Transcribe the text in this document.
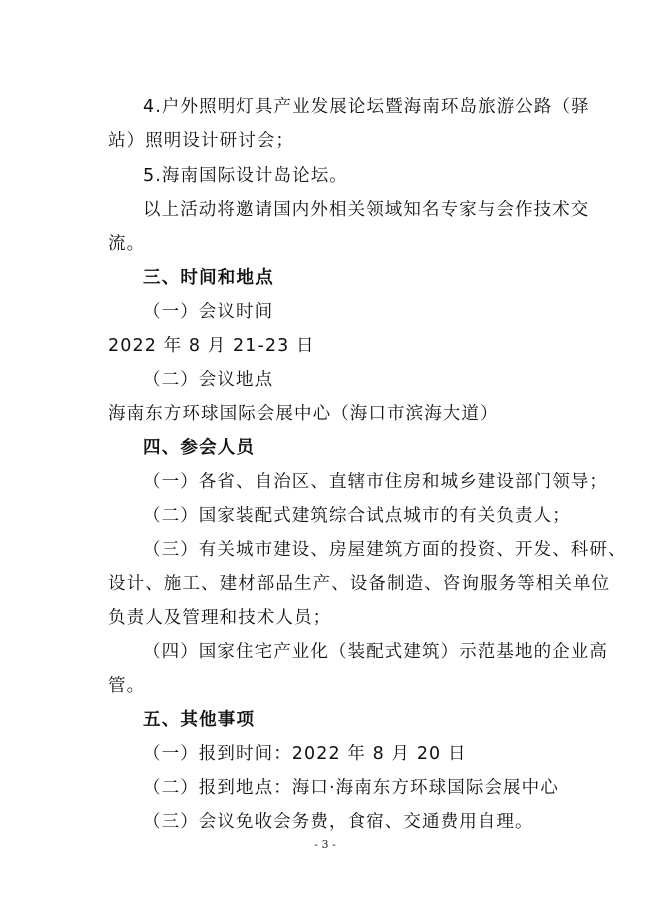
4.户外照明灯具产业发展论坛暨海南环岛旅游公路（驿
站）照明设计研讨会；
5.海南国际设计岛论坛。
以上活动将邀请国内外相关领域知名专家与会作技术交
流。
三、时间和地点
（一）会议时间
2022 年 8 月 21-23 日
（二）会议地点
海南东方环球国际会展中心（海口市滨海大道）
四、参会人员
（一）各省、自治区、直辖市住房和城乡建设部门领导；
（二）国家装配式建筑综合试点城市的有关负责人；
（三）有关城市建设、房屋建筑方面的投资、开发、科研、
设计、施工、建材部品生产、设备制造、咨询服务等相关单位
负责人及管理和技术人员；
（四）国家住宅产业化（装配式建筑）示范基地的企业高
管。
五、其他事项
（一）报到时间：2022 年 8 月 20 日
（二）报到地点：海口·海南东方环球国际会展中心
（三）会议免收会务费，食宿、交通费用自理。
- 3 -
